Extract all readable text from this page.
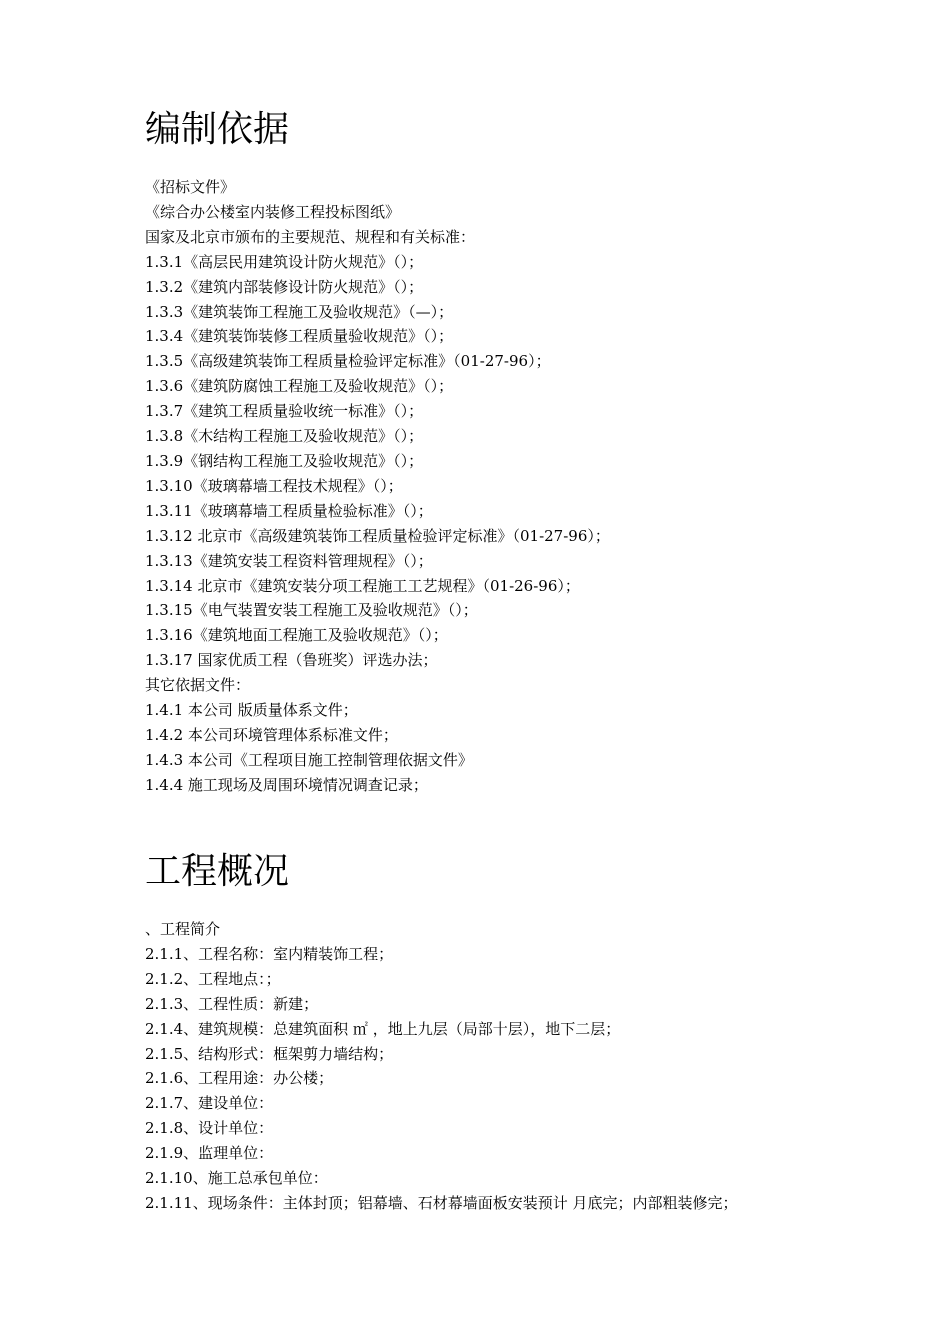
编制依据
《招标文件》
《综合办公楼室内装修工程投标图纸》
国家及北京市颁布的主要规范、规程和有关标准：
1.3.1《高层民用建筑设计防火规范》（）；
1.3.2《建筑内部装修设计防火规范》（）；
1.3.3《建筑装饰工程施工及验收规范》（—）；
1.3.4《建筑装饰装修工程质量验收规范》（）；
1.3.5《高级建筑装饰工程质量检验评定标准》（01-27-96）；
1.3.6《建筑防腐蚀工程施工及验收规范》（）；
1.3.7《建筑工程质量验收统一标准》（）；
1.3.8《木结构工程施工及验收规范》（）；
1.3.9《钢结构工程施工及验收规范》（）；
1.3.10《玻璃幕墙工程技术规程》（）；
1.3.11《玻璃幕墙工程质量检验标准》（）；
1.3.12 北京市《高级建筑装饰工程质量检验评定标准》（01-27-96）；
1.3.13《建筑安装工程资料管理规程》（）；
1.3.14 北京市《建筑安装分项工程施工工艺规程》（01-26-96）；
1.3.15《电气装置安装工程施工及验收规范》（）；
1.3.16《建筑地面工程施工及验收规范》（）；
1.3.17 国家优质工程（鲁班奖）评选办法；
其它依据文件：
1.4.1 本公司 版质量体系文件；
1.4.2 本公司环境管理体系标准文件；
1.4.3 本公司《工程项目施工控制管理依据文件》
1.4.4 施工现场及周围环境情况调查记录；
工程概况
、工程简介
2.1.1、工程名称：室内精装饰工程；
2.1.2、工程地点：；
2.1.3、工程性质：新建；
2.1.4、建筑规模：总建筑面积 ㎡ ，地上九层（局部十层），地下二层；
2.1.5、结构形式：框架剪力墙结构；
2.1.6、工程用途：办公楼；
2.1.7、建设单位：
2.1.8、设计单位：
2.1.9、监理单位：
2.1.10、施工总承包单位：
2.1.11、现场条件：主体封顶；铝幕墙、石材幕墙面板安装预计 月底完；内部粗装修完；
